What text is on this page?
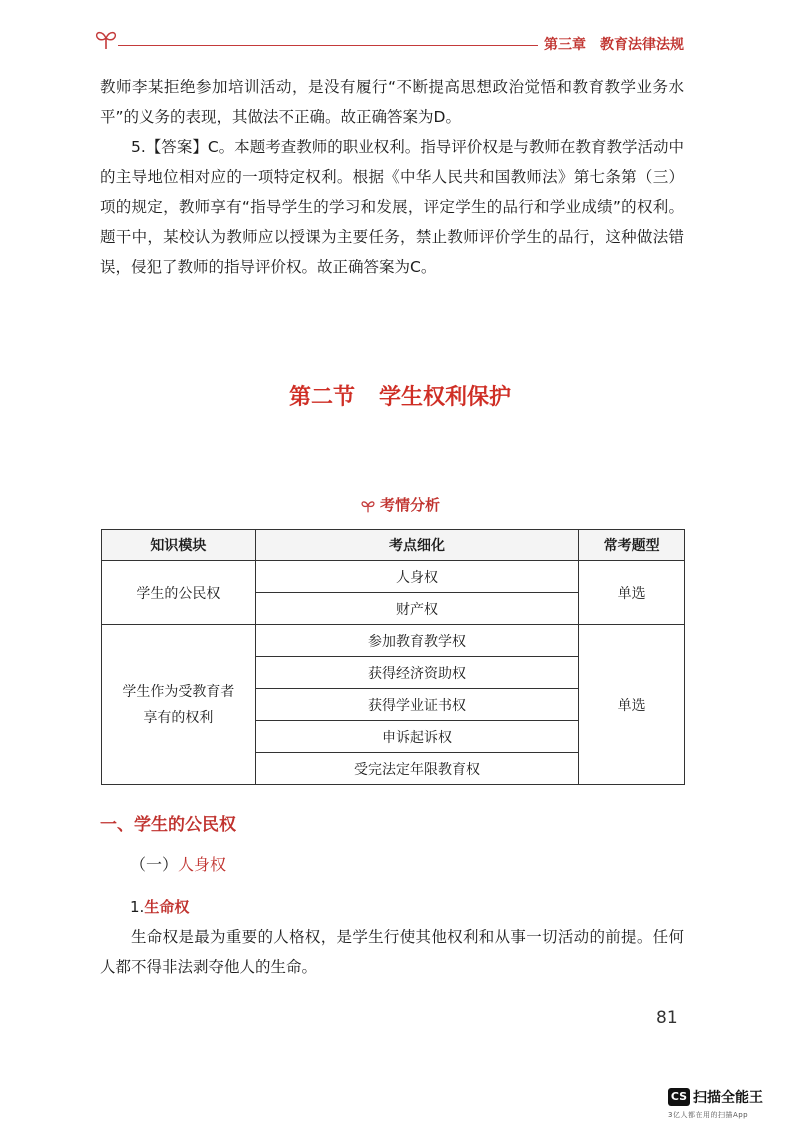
第三章　教育法律法规
教师李某拒绝参加培训活动，是没有履行“不断提高思想政治觉悟和教育教学业务水平”的义务的表现，其做法不正确。故正确答案为D。
5.【答案】C。本题考查教师的职业权利。指导评价权是与教师在教育教学活动中的主导地位相对应的一项特定权利。根据《中华人民共和国教师法》第七条第（三）项的规定，教师享有“指导学生的学习和发展，评定学生的品行和学业成绩”的权利。题干中，某校认为教师应以授课为主要任务，禁止教师评价学生的品行，这种做法错误，侵犯了教师的指导评价权。故正确答案为C。
第二节 学生权利保护
考情分析
知识模块	考点细化	常考题型
学生的公民权	人身权	单选
	财产权	
学生作为受教育者享有的权利	参加教育教学权	单选
	获得经济资助权	
	获得学业证书权	
	申诉起诉权	
	受完法定年限教育权	
一、学生的公民权
（一）人身权
1.生命权
生命权是最为重要的人格权，是学生行使其他权利和从事一切活动的前提。任何人都不得非法剥夺他人的生命。
81
CS 扫描全能王
3亿人都在用的扫描App
